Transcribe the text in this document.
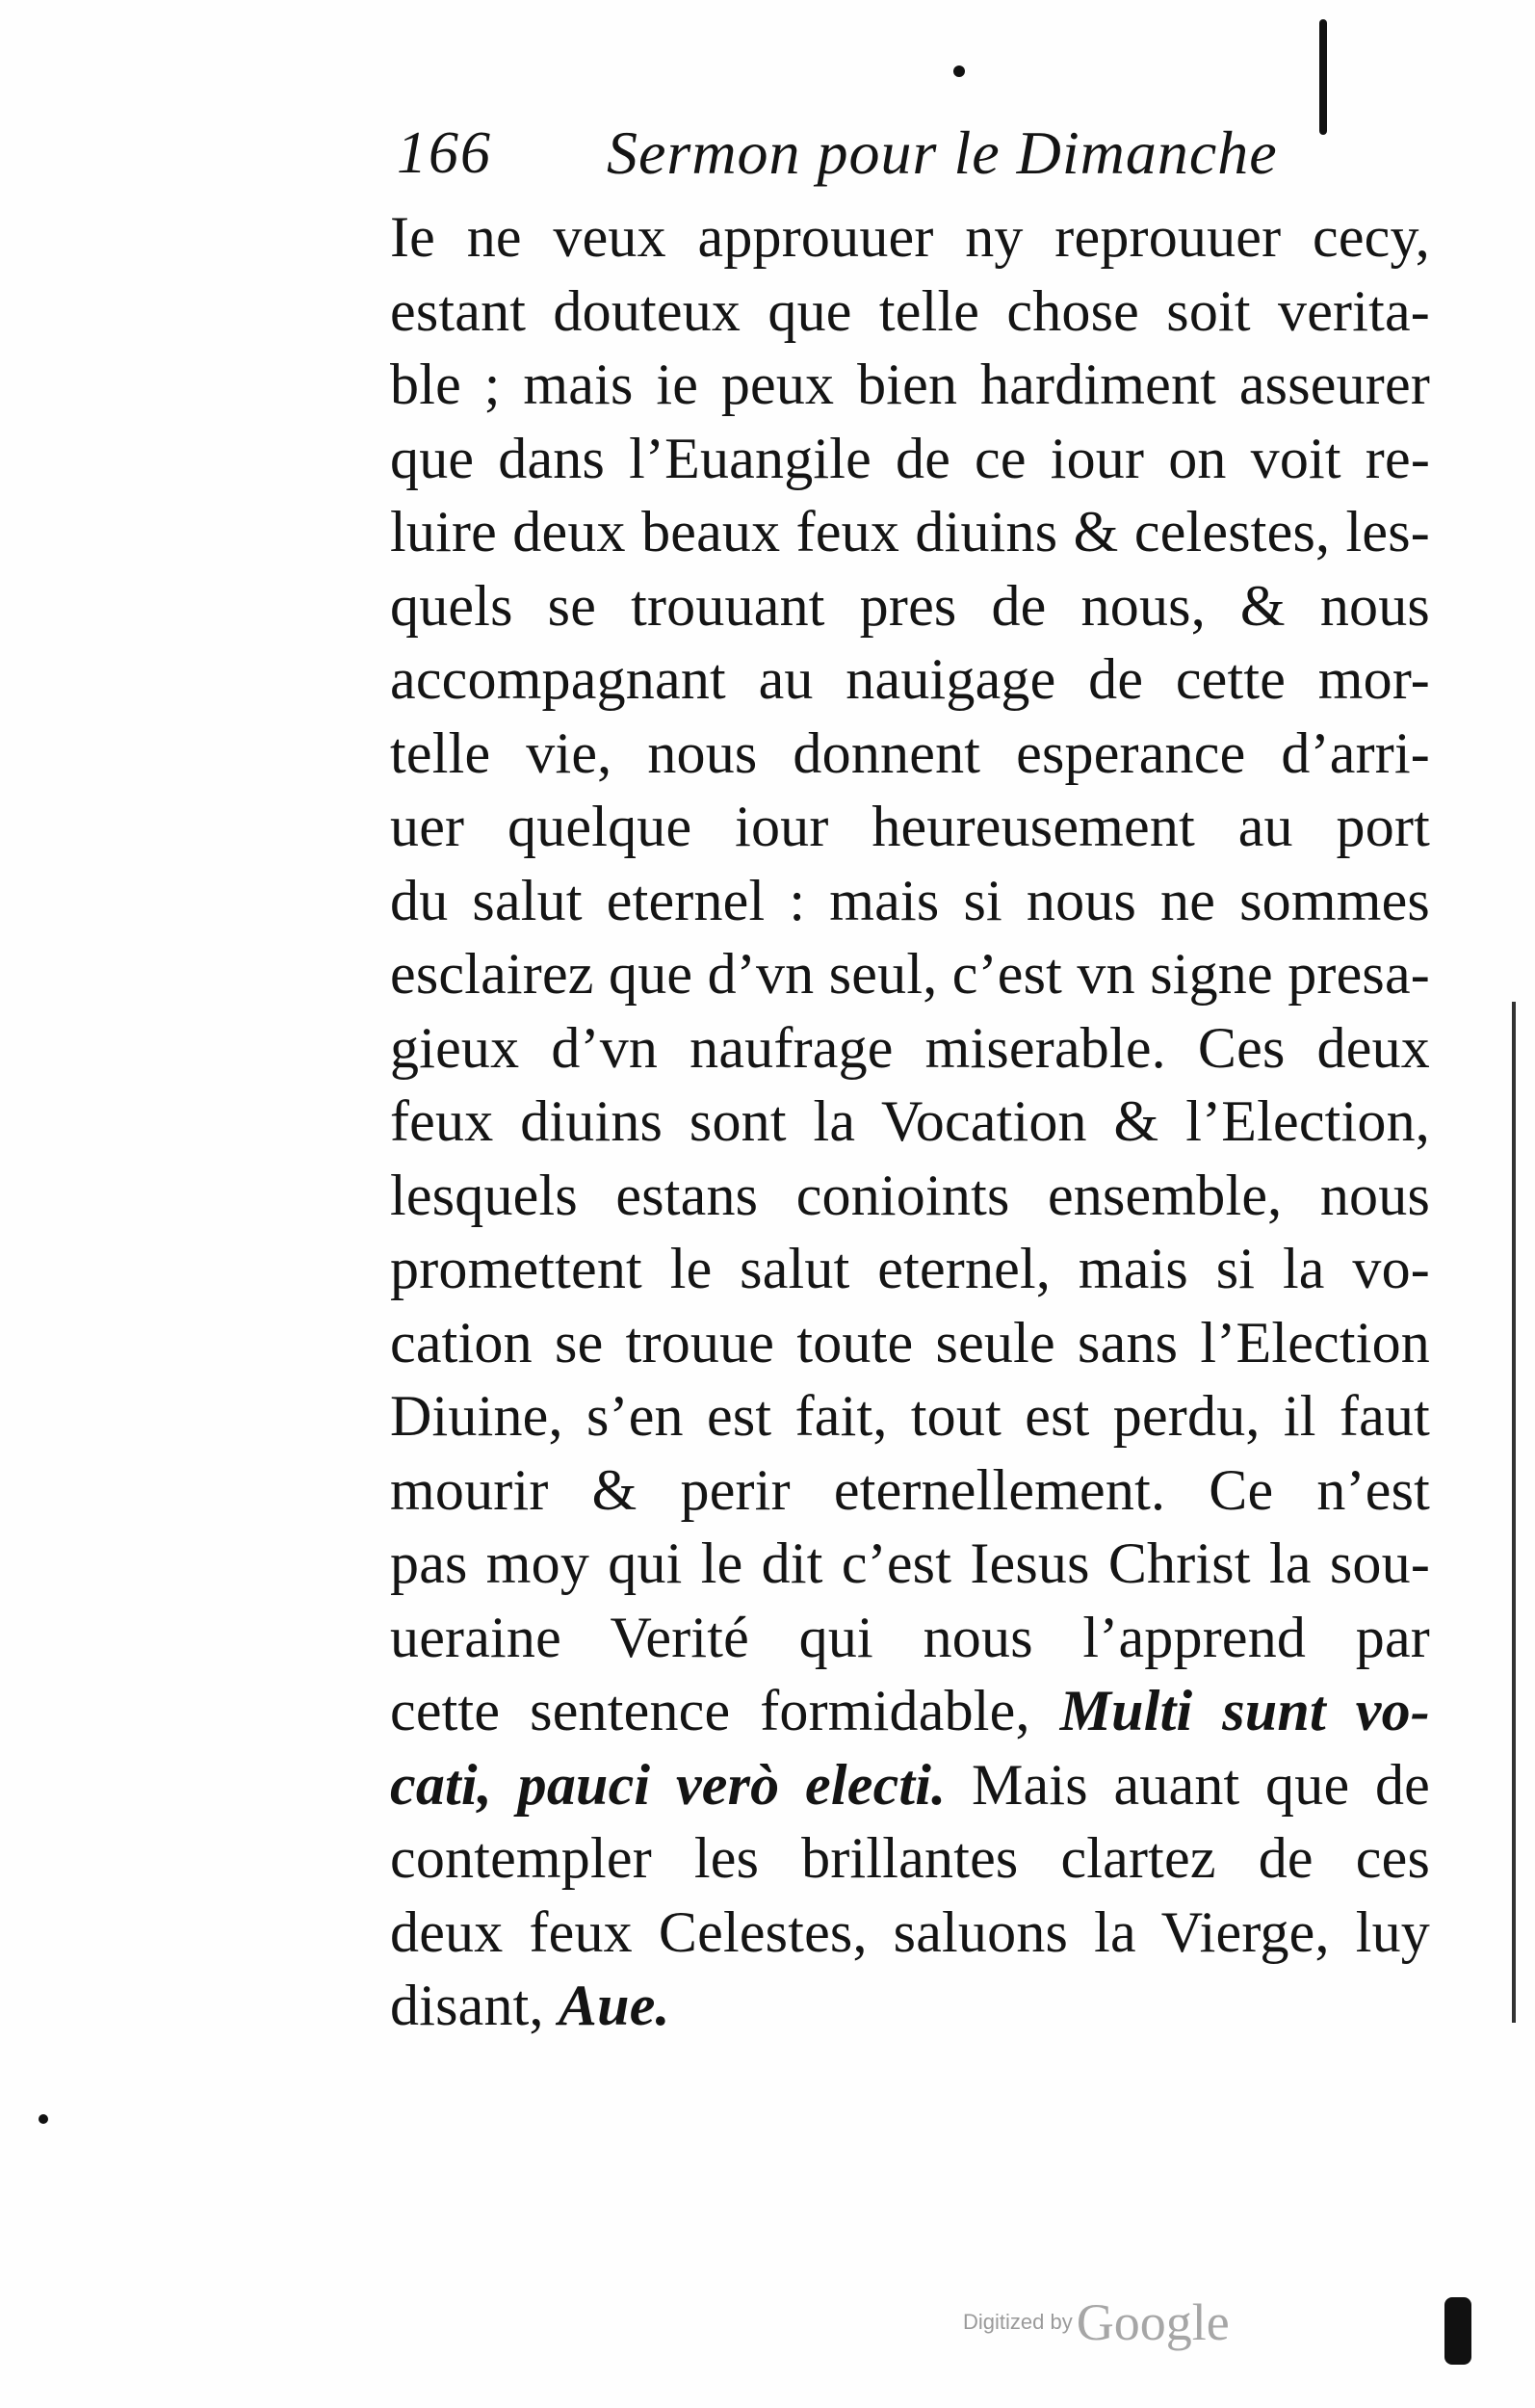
166 Sermon pour le Dimanche
Ie ne veux approuuer ny reprouuer cecy,
estant douteux que telle chose soit verita-
ble ; mais ie peux bien hardiment asseurer
que dans l’Euangile de ce iour on voit re-
luire deux beaux feux diuins & celestes, les-
quels se trouuant pres de nous, & nous
accompagnant au nauigage de cette mor-
telle vie, nous donnent esperance d’arri-
uer quelque iour heureusement au port
du salut eternel : mais si nous ne sommes
esclairez que d’vn seul, c’est vn signe presa-
gieux d’vn naufrage miserable. Ces deux
feux diuins sont la Vocation & l’Election,
lesquels estans conioints ensemble, nous
promettent le salut eternel, mais si la vo-
cation se trouue toute seule sans l’Election
Diuine, s’en est fait, tout est perdu, il faut
mourir & perir eternellement. Ce n’est
pas moy qui le dit c’est Iesus Christ la sou-
ueraine Verité qui nous l’apprend par
cette sentence formidable, Multi sunt vo-
cati, pauci verò electi. Mais auant que de
contempler les brillantes clartez de ces
deux feux Celestes, saluons la Vierge, luy
disant, Aue.

Digitized by Google
